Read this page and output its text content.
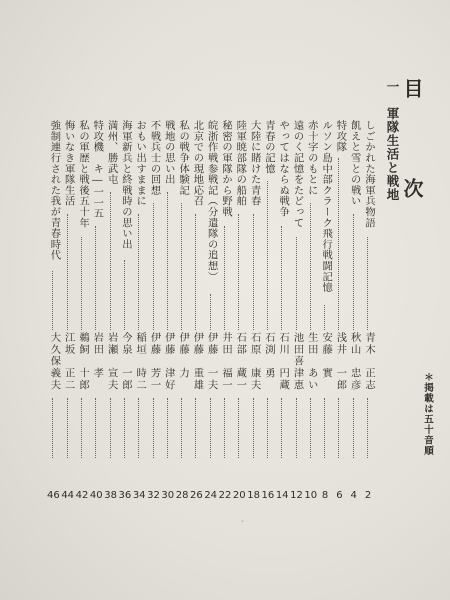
目　次
＊掲載は五十音順
一　軍隊生活と戦地
しごかれた海軍兵物語
青木　正志
2
飢えと雪との戦い
秋山　忠彦
4
特攻隊
浅井　一郎
6
ルソン島中部クラーク飛行戦闘記憶
安藤　實
8
赤十字のもとに
生田　あい
10
遠のく記憶をたどって
池田喜津恵
12
やってはならぬ戦争
石川　円蔵
14
青春の記憶
石渕　勇
16
大陸に賭けた青春
石原　康夫
18
陸軍暁部隊の船舶
石部　蔵一
20
秘密の軍隊から野戦
井田　福一
22
皖浙作戦参戦記（分遣隊の追想）
伊藤　一夫
24
北京での現地応召
伊藤　重雄
26
私の戦争体験記
伊藤　力
28
戦地の思い出
伊藤　津好
30
不戦兵士の回想
伊藤　芳一
32
おもい出すままに
稲垣　時二
34
海軍新兵と終戦時の思い出
今泉　一郎
36
満州、勝武屯
岩瀬　宣夫
38
特攻機　キ―一一五
岩田　孝
40
私の軍歴と戦後五十年
鵜飼　十郎
42
悔いなき軍隊生活
江坂　正二
44
強制連行された我が青春時代
大久保義夫
46
ˊ
